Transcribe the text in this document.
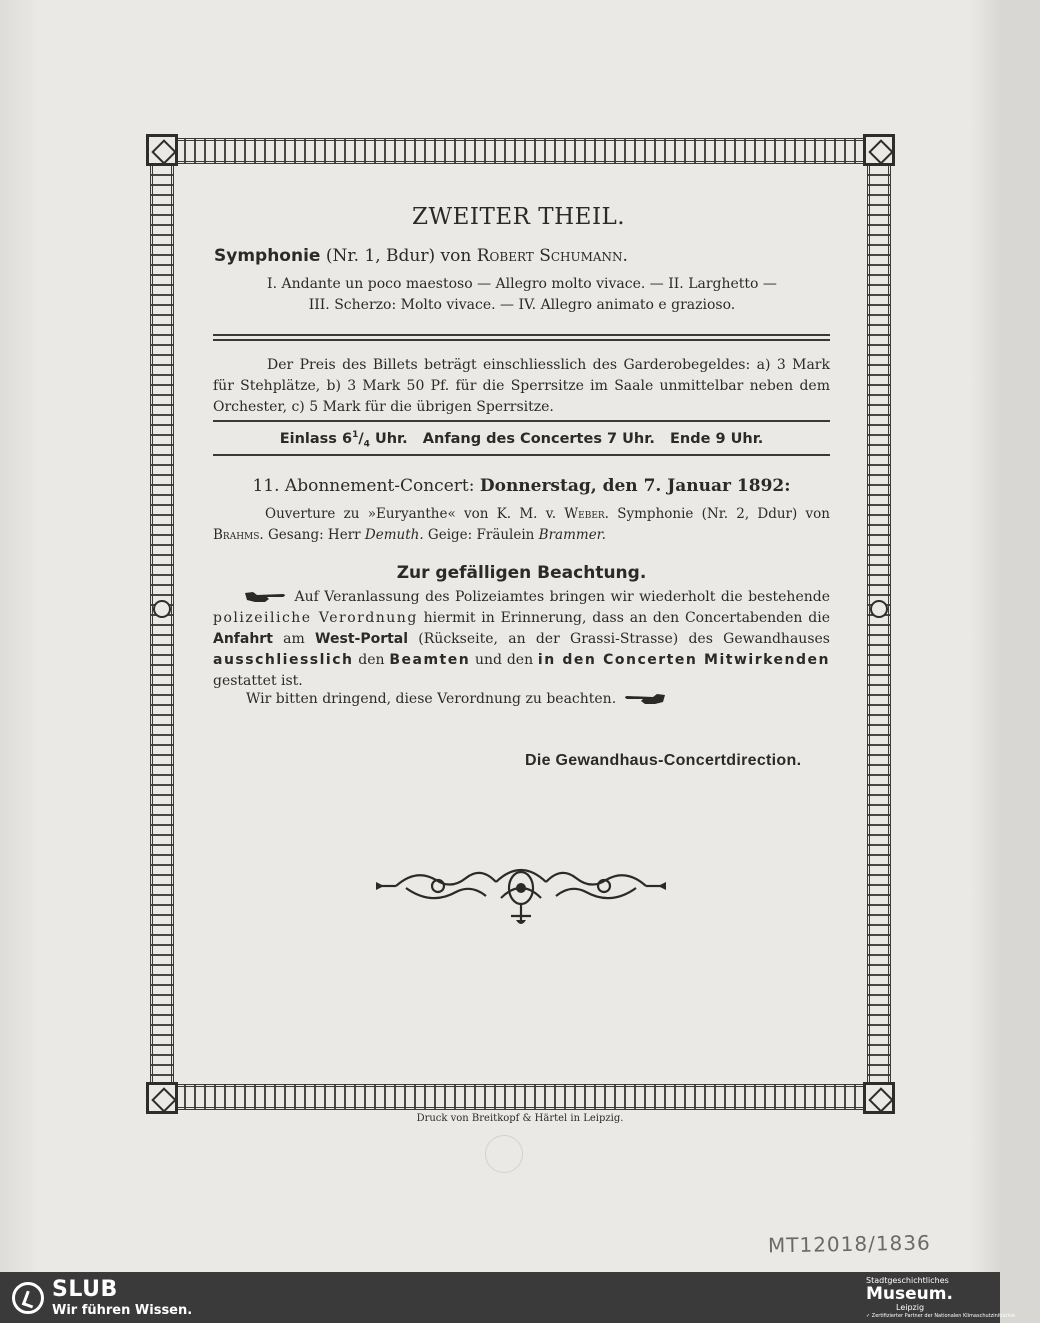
ZWEITER THEIL.
Symphonie (Nr. 1, Bdur) von Robert Schumann.
I. Andante un poco maestoso — Allegro molto vivace. — II. Larghetto —
III. Scherzo: Molto vivace. — IV. Allegro animato e grazioso.
Der Preis des Billets beträgt einschliesslich des Garderobegeldes: a) 3 Mark für Stehplätze, b) 3 Mark 50 Pf. für die Sperrsitze im Saale unmittelbar neben dem Orchester, c) 5 Mark für die übrigen Sperrsitze.
Einlass $6^1/_4$ Uhr.   Anfang des Concertes 7 Uhr.   Ende 9 Uhr.
11. Abonnement-Concert: Donnerstag, den 7. Januar 1892:
Ouverture zu »Euryanthe« von K. M. v. Weber. Symphonie (Nr. 2, Ddur) von Brahms. Gesang: Herr Demuth. Geige: Fräulein Brammer.
Zur gefälligen Beachtung.
Auf Veranlassung des Polizeiamtes bringen wir wiederholt die bestehende polizeiliche Verordnung hiermit in Erinnerung, dass an den Concertabenden die Anfahrt am West-Portal (Rückseite, an der Grassi-Strasse) des Gewandhauses ausschliesslich den Beamten und den in den Concerten Mitwirkenden gestattet ist.
Wir bitten dringend, diese Verordnung zu beachten.
Die Gewandhaus-Concertdirection.
Druck von Breitkopf & Härtel in Leipzig.
MT12018/1836
SLUB
Wir führen Wissen.
Stadtgeschichtliches
Museum.
Leipzig
✓ Zertifizierter Partner der Nationalen Klimaschutzinitiative
